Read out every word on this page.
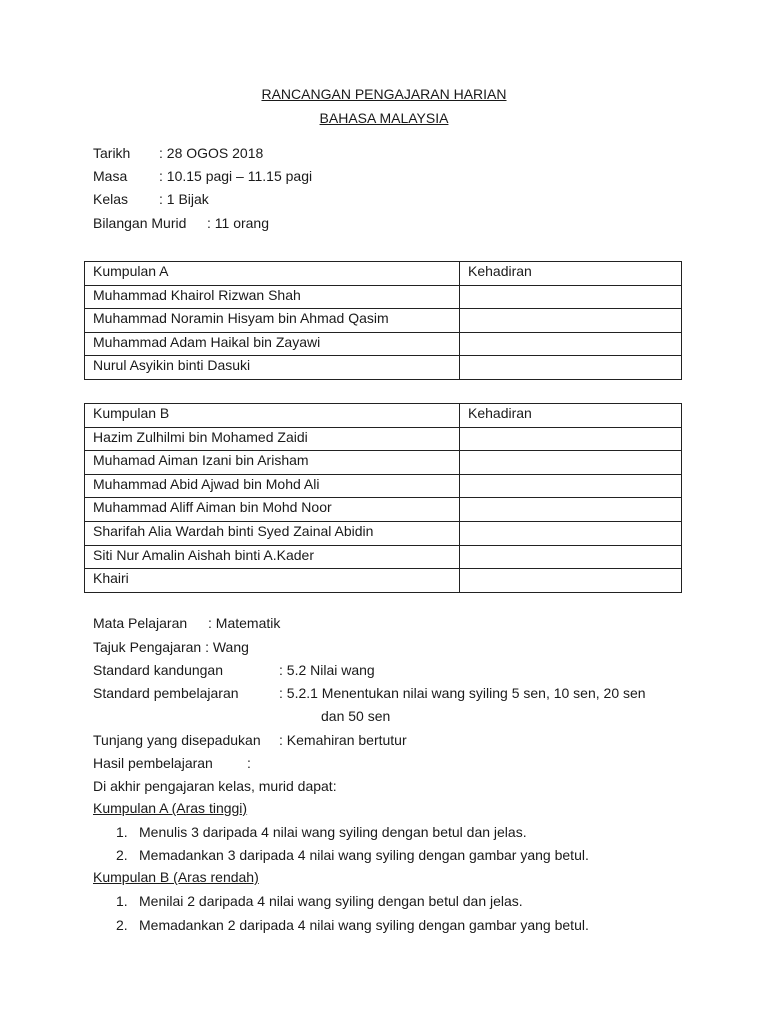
RANCANGAN PENGAJARAN HARIAN
BAHASA MALAYSIA
Tarikh : 28 OGOS 2018
Masa : 10.15 pagi – 11.15 pagi
Kelas : 1 Bijak
Bilangan Murid : 11 orang
Kumpulan A	Kehadiran
Muhammad Khairol Rizwan Shah	
Muhammad Noramin Hisyam bin Ahmad Qasim	
Muhammad Adam Haikal bin Zayawi	
Nurul Asyikin binti Dasuki	
Kumpulan B	Kehadiran
Hazim Zulhilmi bin Mohamed Zaidi	
Muhamad Aiman Izani bin Arisham	
Muhammad Abid Ajwad bin Mohd Ali	
Muhammad Aliff Aiman bin Mohd Noor	
Sharifah Alia Wardah binti Syed Zainal Abidin	
Siti Nur Amalin Aishah binti A.Kader	
Khairi	
Mata Pelajaran : Matematik
Tajuk Pengajaran : Wang
Standard kandungan	: 5.2 Nilai wang
Standard pembelajaran	: 5.2.1 Menentukan nilai wang syiling 5 sen, 10 sen, 20 sen
dan 50 sen
Tunjang yang disepadukan : Kemahiran bertutur
Hasil pembelajaran :
Di akhir pengajaran kelas, murid dapat:
Kumpulan A (Aras tinggi)
1. Menulis 3 daripada 4 nilai wang syiling dengan betul dan jelas.
2. Memadankan 3 daripada 4 nilai wang syiling dengan gambar yang betul.
Kumpulan B (Aras rendah)
1. Menilai 2 daripada 4 nilai wang syiling dengan betul dan jelas.
2. Memadankan 2 daripada 4 nilai wang syiling dengan gambar yang betul.
